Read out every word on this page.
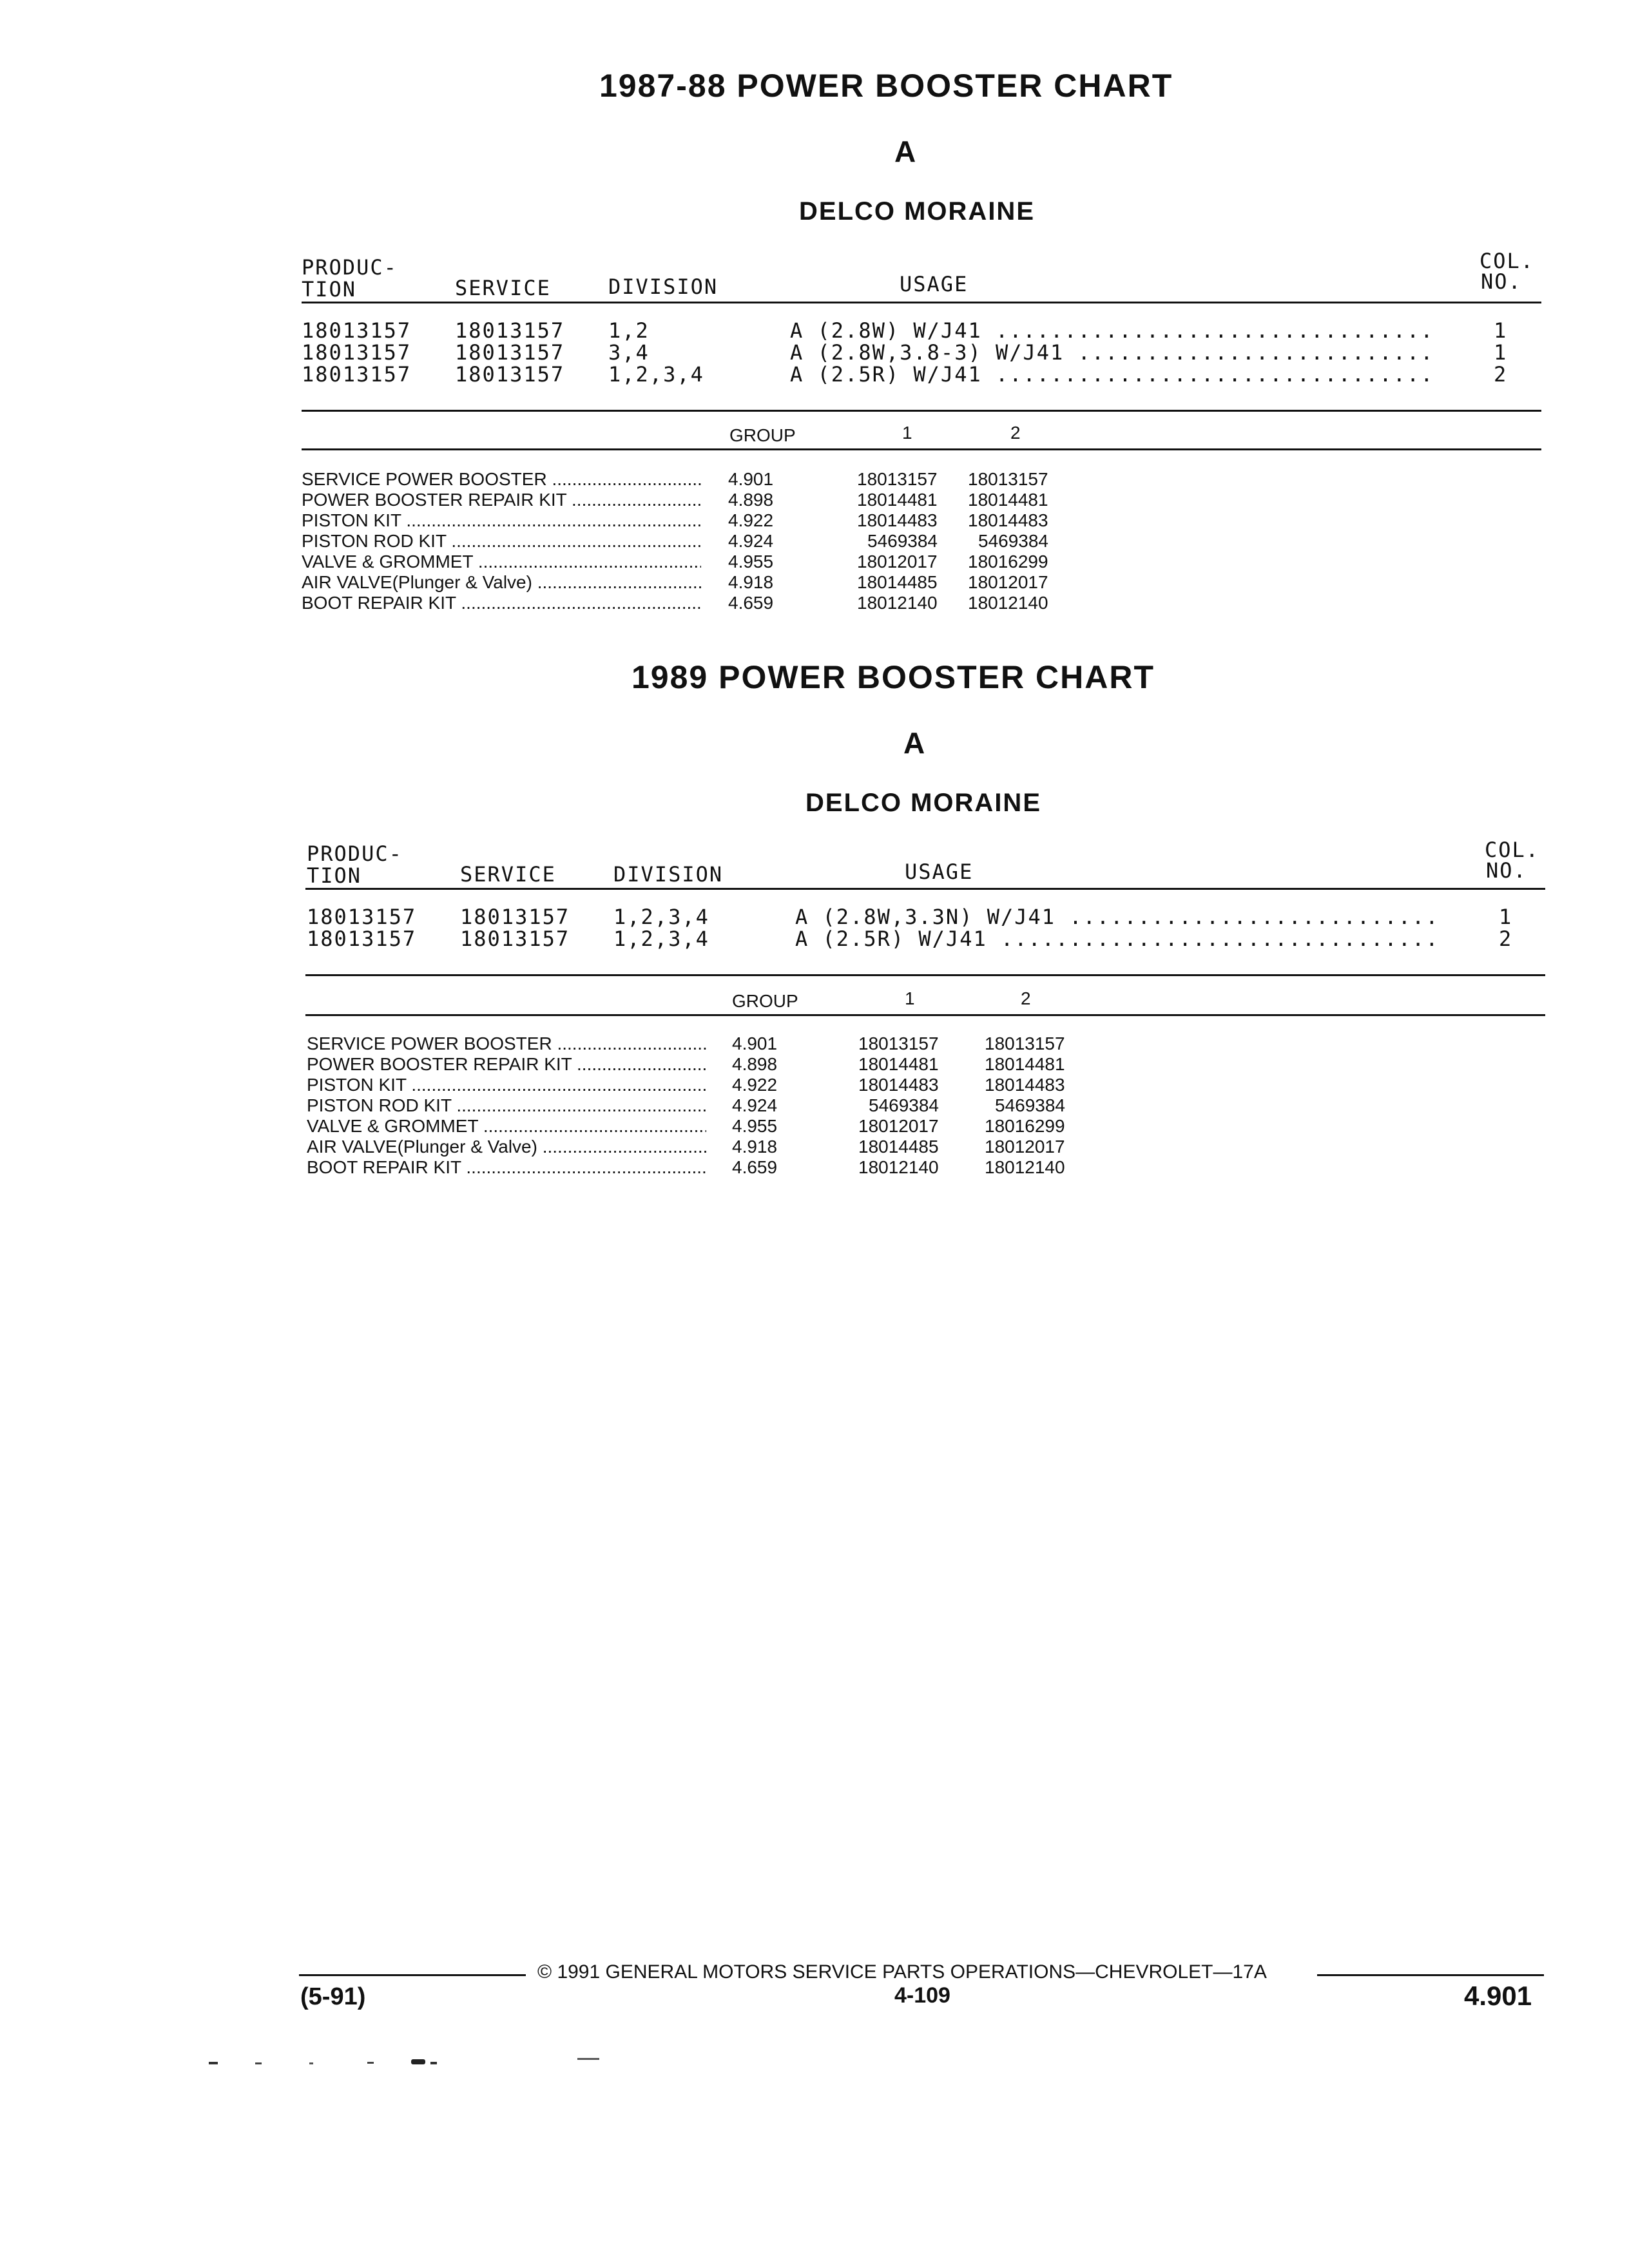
1987-88 POWER BOOSTER CHART
A
DELCO MORAINE
PRODUC-
TION	SERVICE	DIVISION	USAGE
COL.
NO.
18013157 18013157 1,2	A (2.8W) W/J41 .....	1
18013157 18013157 3,4	A (2.8W,3.8-3) W/J41 .....	1
18013157 18013157 1,2,3,4	A (2.5R) W/J41 .....	2
GROUP	1	2
SERVICE POWER BOOSTER .....	4.901	18013157 18013157
POWER BOOSTER REPAIR KIT .....	4.898	18014481 18014481
PISTON KIT .....	4.922	18014483 18014483
PISTON ROD KIT .....	4.924	5469384 5469384
VALVE & GROMMET .....	4.955	18012017 18016299
AIR VALVE(Plunger & Valve) .....	4.918	18014485 18012017
BOOT REPAIR KIT .....	4.659	18012140 18012140
1989 POWER BOOSTER CHART
A
DELCO MORAINE
PRODUC-
TION	SERVICE	DIVISION	USAGE
COL.
NO.
18013157 18013157 1,2,3,4	A (2.8W,3.3N) W/J41 .....	1
18013157 18013157 1,2,3,4	A (2.5R) W/J41 .....	2
GROUP	1	2
SERVICE POWER BOOSTER .....	4.901	18013157	18013157
POWER BOOSTER REPAIR KIT .....	4.898	18014481	18014481
PISTON KIT .....	4.922	18014483	18014483
PISTON ROD KIT .....	4.924	5469384	5469384
VALVE & GROMMET .....	4.955	18012017	18016299
AIR VALVE(Plunger & Valve) .....	4.918	18014485	18012017
BOOT REPAIR KIT .....	4.659	18012140	18012140
© 1991 GENERAL MOTORS SERVICE PARTS OPERATIONS—CHEVROLET—17A
(5-91)	4-109	4.901
